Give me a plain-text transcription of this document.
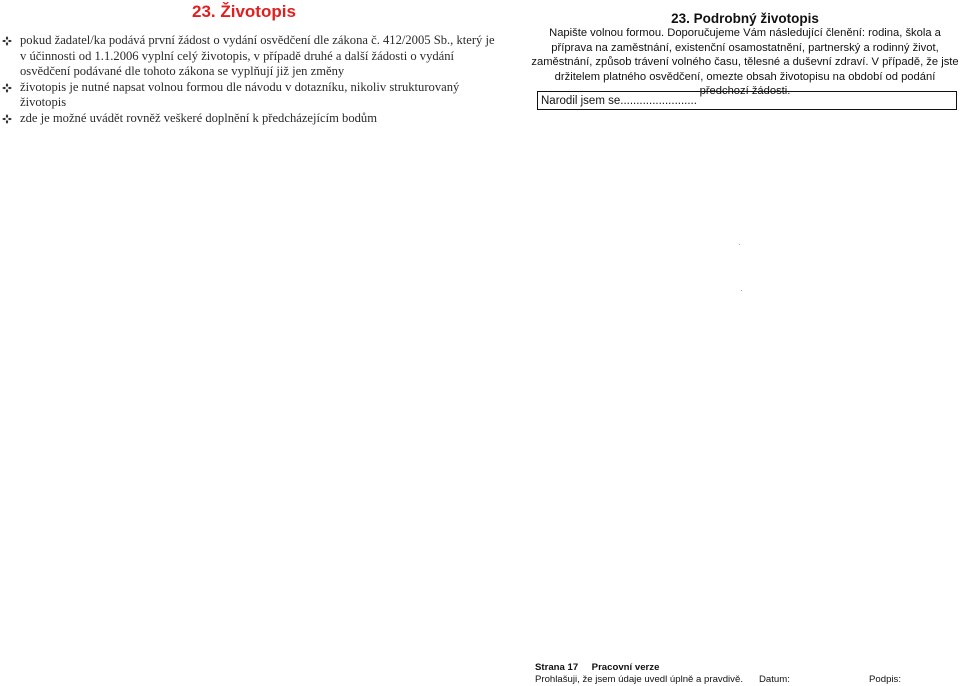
23. Životopis
pokud žadatel/ka podává první žádost o vydání osvědčení dle zákona č. 412/2005 Sb., který je v účinnosti od 1.1.2006 vyplní celý životopis, v případě druhé a další žádosti o vydání osvědčení podávané dle tohoto zákona se vyplňují již jen změny
životopis je nutné napsat volnou formou dle návodu v dotazníku, nikoliv strukturovaný životopis
zde je možné uvádět rovněž veškeré doplnění k předcházejícím bodům
23. Podrobný životopis

Napište volnou formou. Doporučujeme Vám následující členění: rodina, škola a příprava na zaměstnání, existenční osamostatnění, partnerský a rodinný život, zaměstnání, způsob trávení volného času, tělesné a duševní zdraví. V případě, že jste držitelem platného osvědčení, omezte obsah životopisu na období od podání předchozí žádosti.

Narodil jsem se........................
Strana 17 Pracovní verze
Prohlašuji, že jsem údaje uvedl úplně a pravdivě. Datum:	Podpis:
